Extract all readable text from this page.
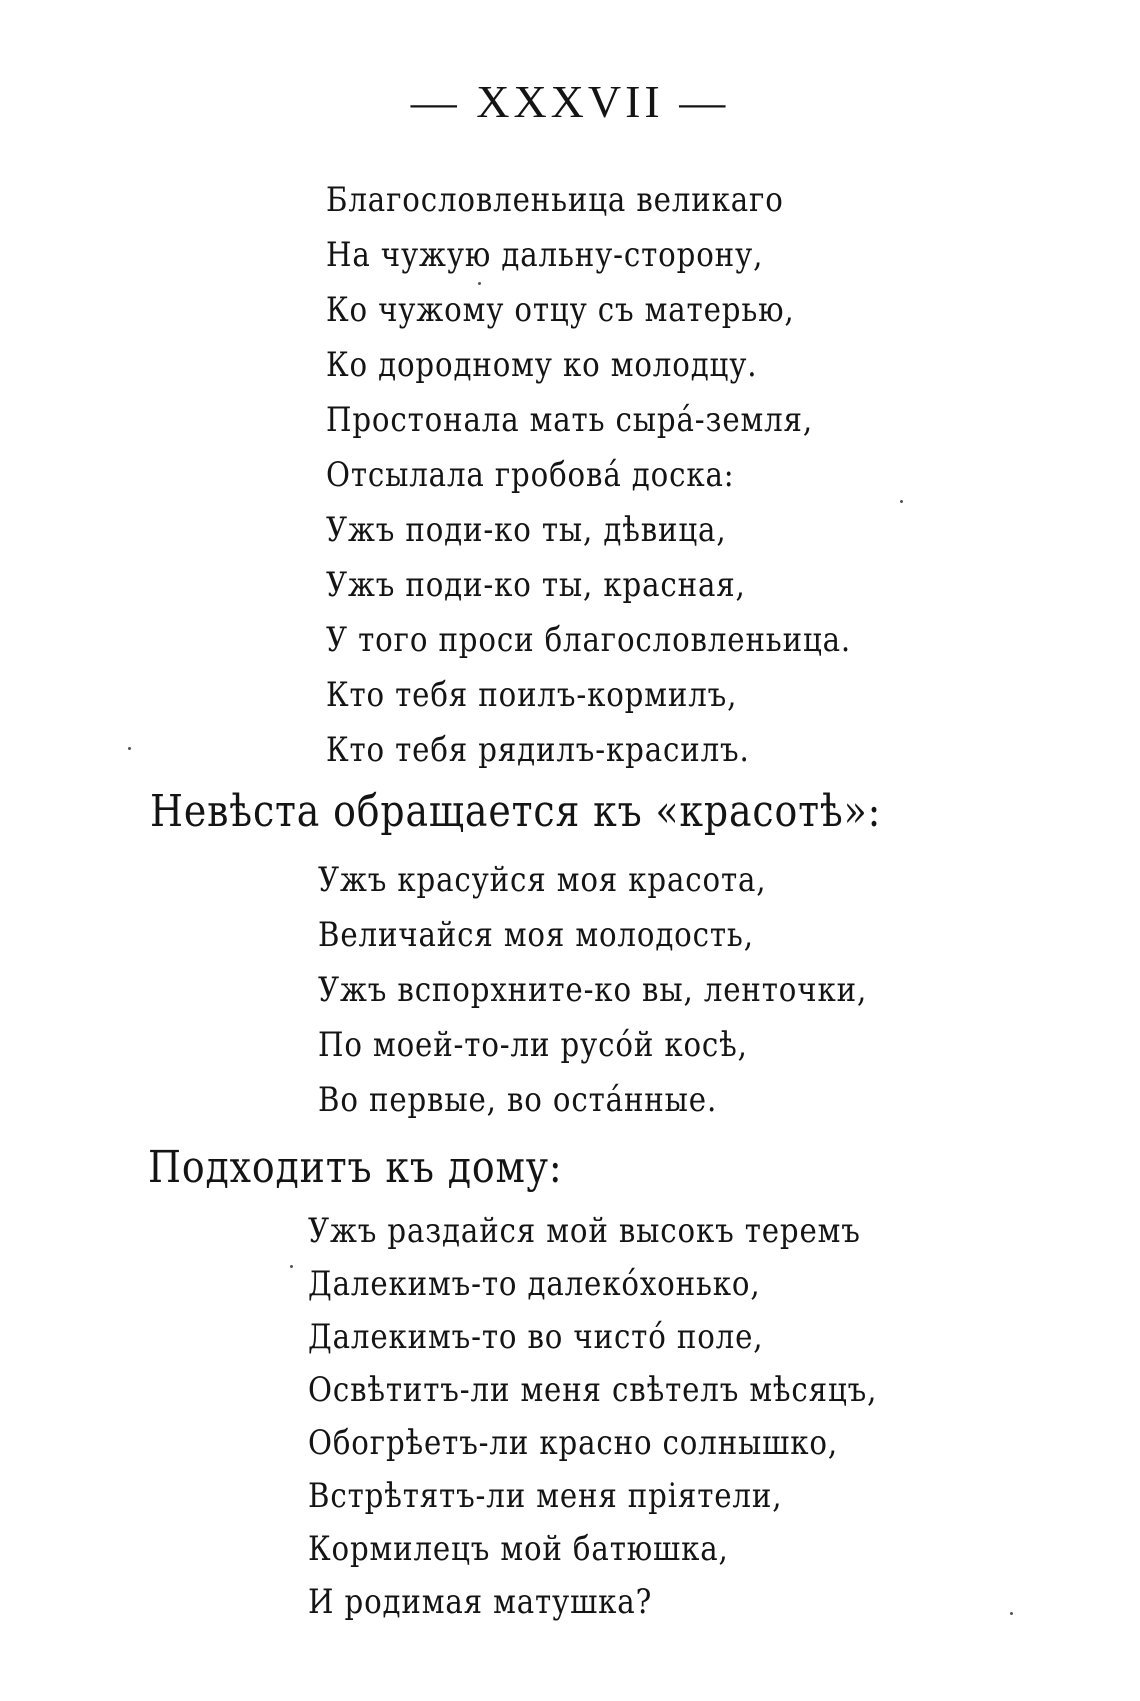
— XXXVII —
Благословленьица великаго
На чужую дальну-сторону,
Ко чужому отцу съ матерью,
Ко дородному ко молодцу.
Простонала мать сыра́-земля,
Отсылала гробова́ доска:
Ужъ поди-ко ты, дѣвица,
Ужъ поди-ко ты, красная,
У того проси благословленьица.
Кто тебя поилъ-кормилъ,
Кто тебя рядилъ-красилъ.
Невѣста обращается къ «красотѣ»:
Ужъ красуйся моя красота,
Величайся моя молодость,
Ужъ вспорхните-ко вы, ленточки,
По моей-то-ли русо́й косѣ,
Во первые, во оста́нные.
Подходитъ къ дому:
Ужъ раздайся мой высокъ теремъ
Далекимъ-то далеко́хонько,
Далекимъ-то во чисто́ поле,
Освѣтитъ-ли меня свѣтелъ мѣсяцъ,
Обогрѣетъ-ли красно солнышко,
Встрѣтятъ-ли меня пріятели,
Кормилецъ мой батюшка,
И родимая матушка?
